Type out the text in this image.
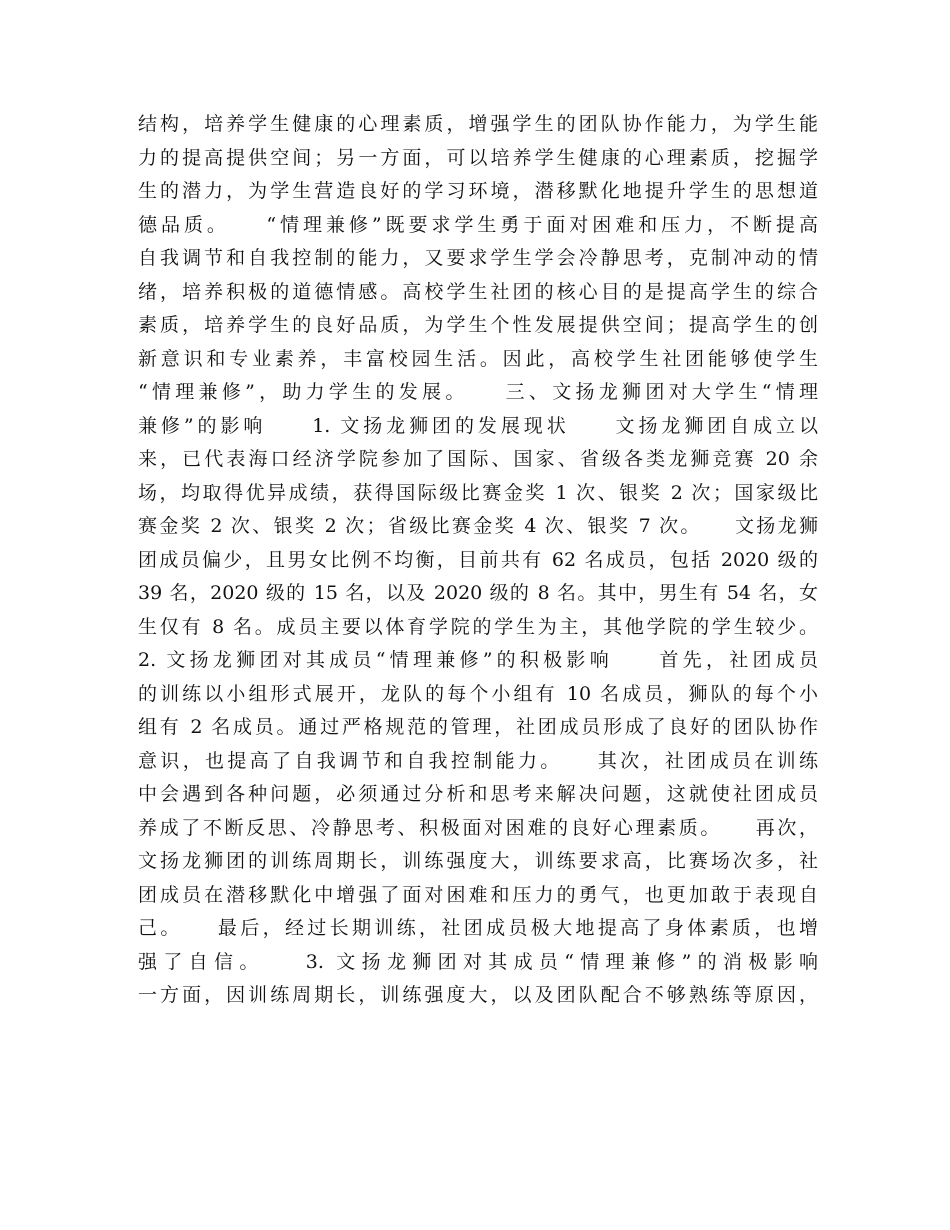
结构，培养学生健康的心理素质，增强学生的团队协作能力，为学生能
力的提高提供空间；另一方面，可以培养学生健康的心理素质，挖掘学
生的潜力，为学生营造良好的学习环境，潜移默化地提升学生的思想道
德品质。　　“情理兼修”既要求学生勇于面对困难和压力，不断提高
自我调节和自我控制的能力，又要求学生学会冷静思考，克制冲动的情
绪，培养积极的道德情感。高校学生社团的核心目的是提高学生的综合
素质，培养学生的良好品质，为学生个性发展提供空间；提高学生的创
新意识和专业素养，丰富校园生活。因此，高校学生社团能够使学生
“情理兼修”，助力学生的发展。　　三、文扬龙狮团对大学生“情理
兼修”的影响　　1. 文扬龙狮团的发展现状　　文扬龙狮团自成立以
来，已代表海口经济学院参加了国际、国家、省级各类龙狮竞赛 20 余
场，均取得优异成绩，获得国际级比赛金奖 1 次、银奖 2 次；国家级比
赛金奖 2 次、银奖 2 次；省级比赛金奖 4 次、银奖 7 次。　　文扬龙狮
团成员偏少，且男女比例不均衡，目前共有 62 名成员，包括 2020 级的
39 名，2020 级的 15 名，以及 2020 级的 8 名。其中，男生有 54 名，女
生仅有 8 名。成员主要以体育学院的学生为主，其他学院的学生较少。
2. 文扬龙狮团对其成员“情理兼修”的积极影响　　首先，社团成员
的训练以小组形式展开，龙队的每个小组有 10 名成员，狮队的每个小
组有 2 名成员。通过严格规范的管理，社团成员形成了良好的团队协作
意识，也提高了自我调节和自我控制能力。　　其次，社团成员在训练
中会遇到各种问题，必须通过分析和思考来解决问题，这就使社团成员
养成了不断反思、冷静思考、积极面对困难的良好心理素质。　　再次，
文扬龙狮团的训练周期长，训练强度大，训练要求高，比赛场次多，社
团成员在潜移默化中增强了面对困难和压力的勇气，也更加敢于表现自
己。　　最后，经过长期训练，社团成员极大地提高了身体素质，也增
强了自信。　　3. 文扬龙狮团对其成员“情理兼修”的消极影响
一方面，因训练周期长，训练强度大，以及团队配合不够熟练等原因，
